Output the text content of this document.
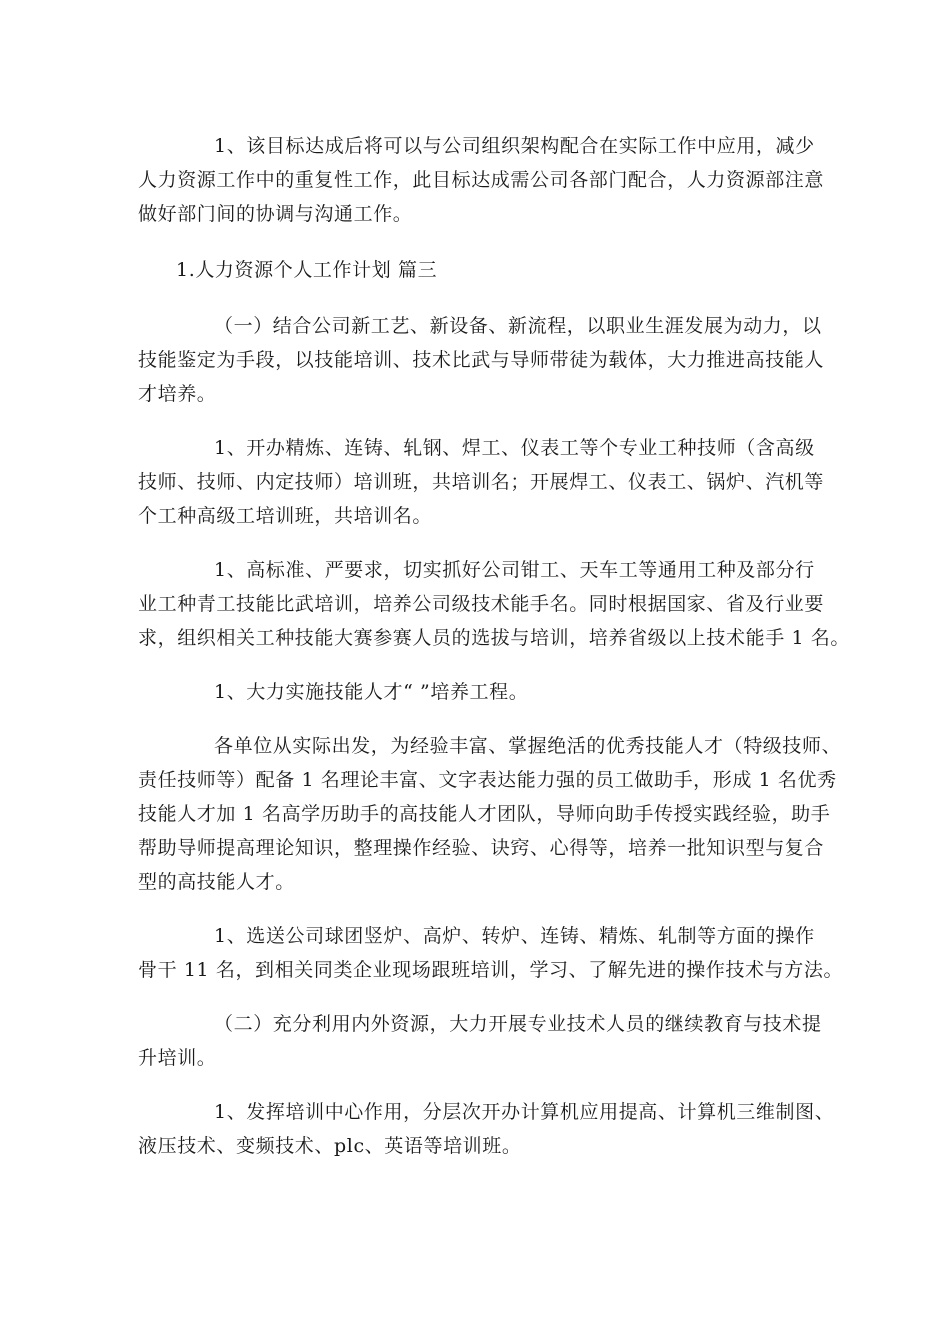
1、该目标达成后将可以与公司组织架构配合在实际工作中应用，减少
人力资源工作中的重复性工作，此目标达成需公司各部门配合，人力资源部注意
做好部门间的协调与沟通工作。
1.人力资源个人工作计划 篇三
（一）结合公司新工艺、新设备、新流程，以职业生涯发展为动力，以
技能鉴定为手段，以技能培训、技术比武与导师带徒为载体，大力推进高技能人
才培养。
1、开办精炼、连铸、轧钢、焊工、仪表工等个专业工种技师（含高级
技师、技师、内定技师）培训班，共培训名；开展焊工、仪表工、锅炉、汽机等
个工种高级工培训班，共培训名。
1、高标准、严要求，切实抓好公司钳工、天车工等通用工种及部分行
业工种青工技能比武培训，培养公司级技术能手名。同时根据国家、省及行业要
求，组织相关工种技能大赛参赛人员的选拔与培训，培养省级以上技术能手 1 名。
1、大力实施技能人才“ ”培养工程。
各单位从实际出发，为经验丰富、掌握绝活的优秀技能人才（特级技师、
责任技师等）配备 1 名理论丰富、文字表达能力强的员工做助手，形成 1 名优秀
技能人才加 1 名高学历助手的高技能人才团队，导师向助手传授实践经验，助手
帮助导师提高理论知识，整理操作经验、诀窍、心得等，培养一批知识型与复合
型的高技能人才。
1、选送公司球团竖炉、高炉、转炉、连铸、精炼、轧制等方面的操作
骨干 11 名，到相关同类企业现场跟班培训，学习、了解先进的操作技术与方法。
（二）充分利用内外资源，大力开展专业技术人员的继续教育与技术提
升培训。
1、发挥培训中心作用，分层次开办计算机应用提高、计算机三维制图、
液压技术、变频技术、plc、英语等培训班。
